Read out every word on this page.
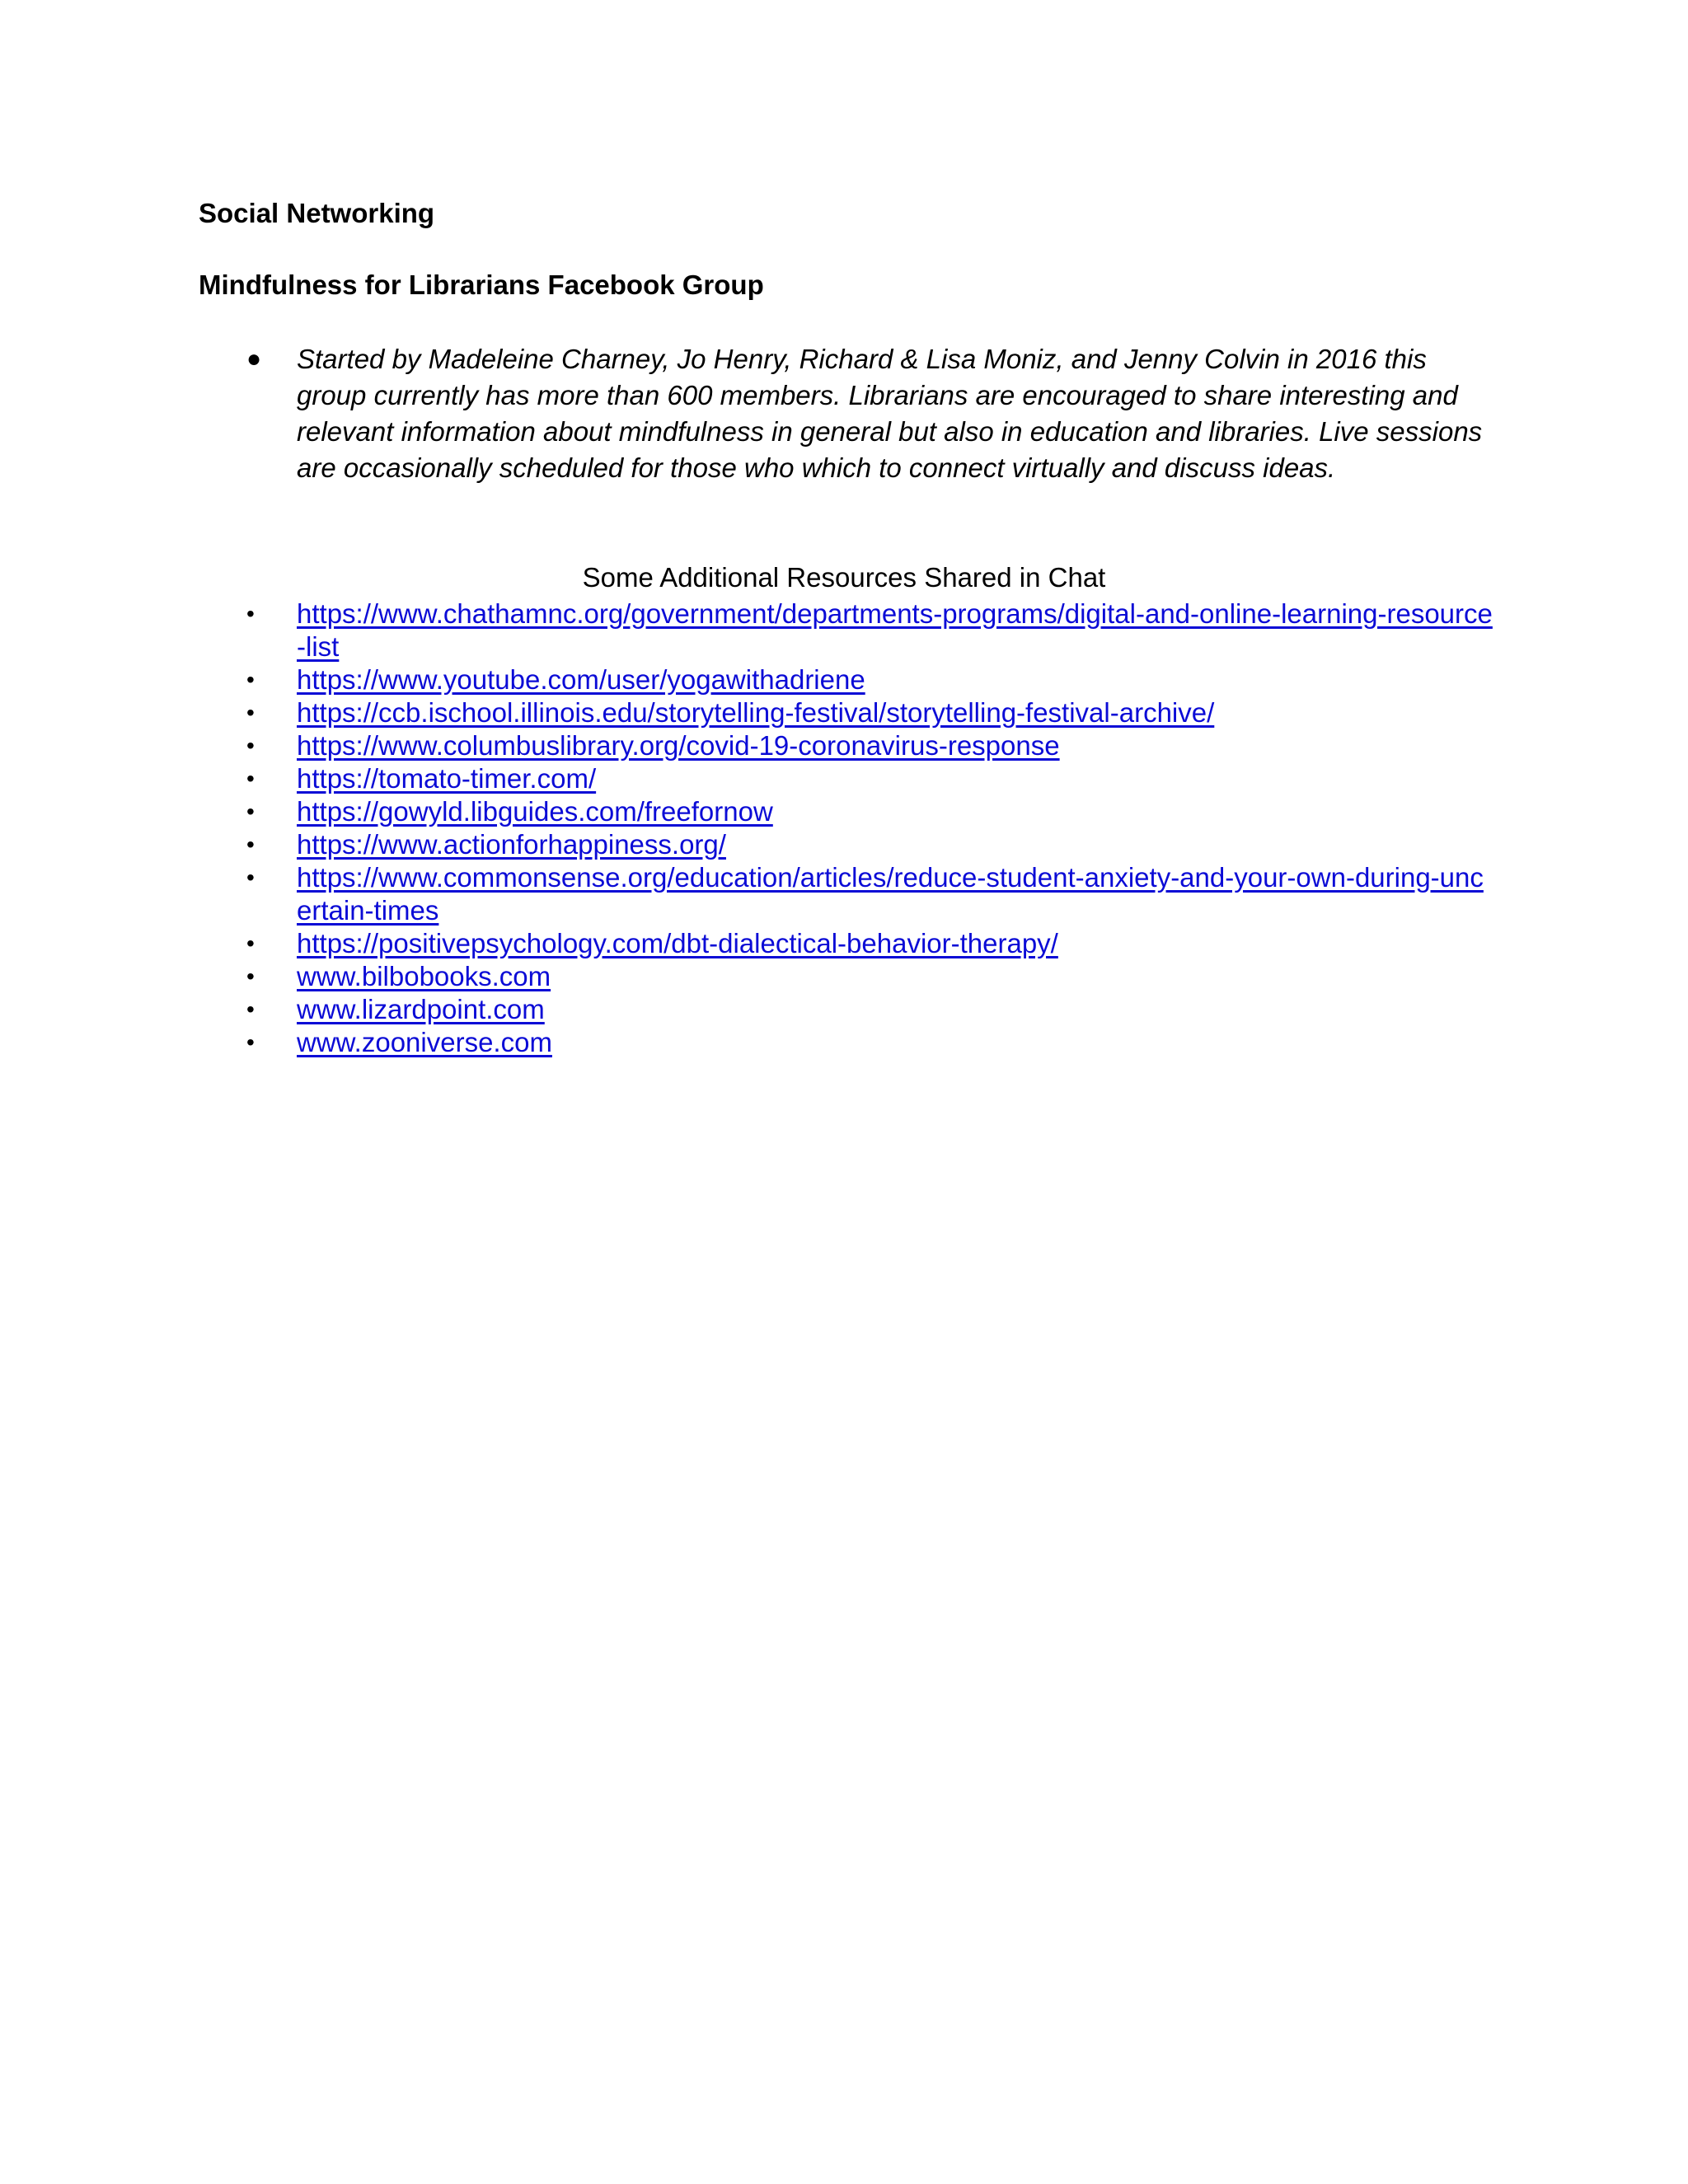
Social Networking
Mindfulness for Librarians Facebook Group
● Started by Madeleine Charney, Jo Henry, Richard & Lisa Moniz, and Jenny Colvin in 2016 this group currently has more than 600 members. Librarians are encouraged to share interesting and relevant information about mindfulness in general but also in education and libraries. Live sessions are occasionally scheduled for those who which to connect virtually and discuss ideas.
Some Additional Resources Shared in Chat
• https://www.chathamnc.org/government/departments-programs/digital-and-online-learning-resource-list
• https://www.youtube.com/user/yogawithadriene
• https://ccb.ischool.illinois.edu/storytelling-festival/storytelling-festival-archive/
• https://www.columbuslibrary.org/covid-19-coronavirus-response
• https://tomato-timer.com/
• https://gowyld.libguides.com/freefornow
• https://www.actionforhappiness.org/
• https://www.commonsense.org/education/articles/reduce-student-anxiety-and-your-own-during-uncertain-times
• https://positivepsychology.com/dbt-dialectical-behavior-therapy/
• www.bilbobooks.com
• www.lizardpoint.com
• www.zooniverse.com
